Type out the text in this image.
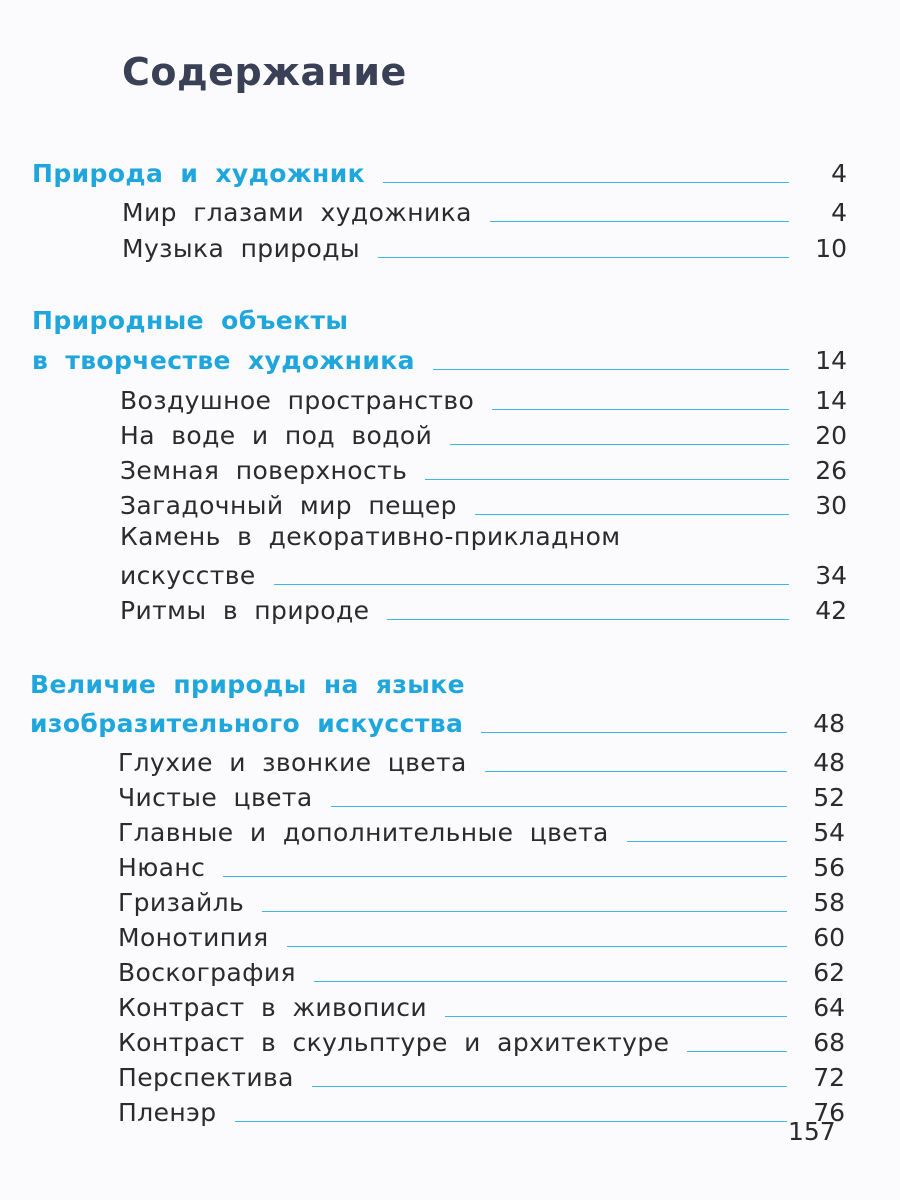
Содержание
Природа и художник	4
Мир глазами художника	4
Музыка природы	10
Природные объекты
в творчестве художника	14
Воздушное пространство	14
На воде и под водой	20
Земная поверхность	26
Загадочный мир пещер	30
Камень в декоративно-прикладном
искусстве	34
Ритмы в природе	42
Величие природы на языке
изобразительного искусства	48
Глухие и звонкие цвета	48
Чистые цвета	52
Главные и дополнительные цвета	54
Нюанс	56
Гризайль	58
Монотипия	60
Воскография	62
Контраст в живописи	64
Контраст в скульптуре и архитектуре	68
Перспектива	72
Пленэр	76
157
